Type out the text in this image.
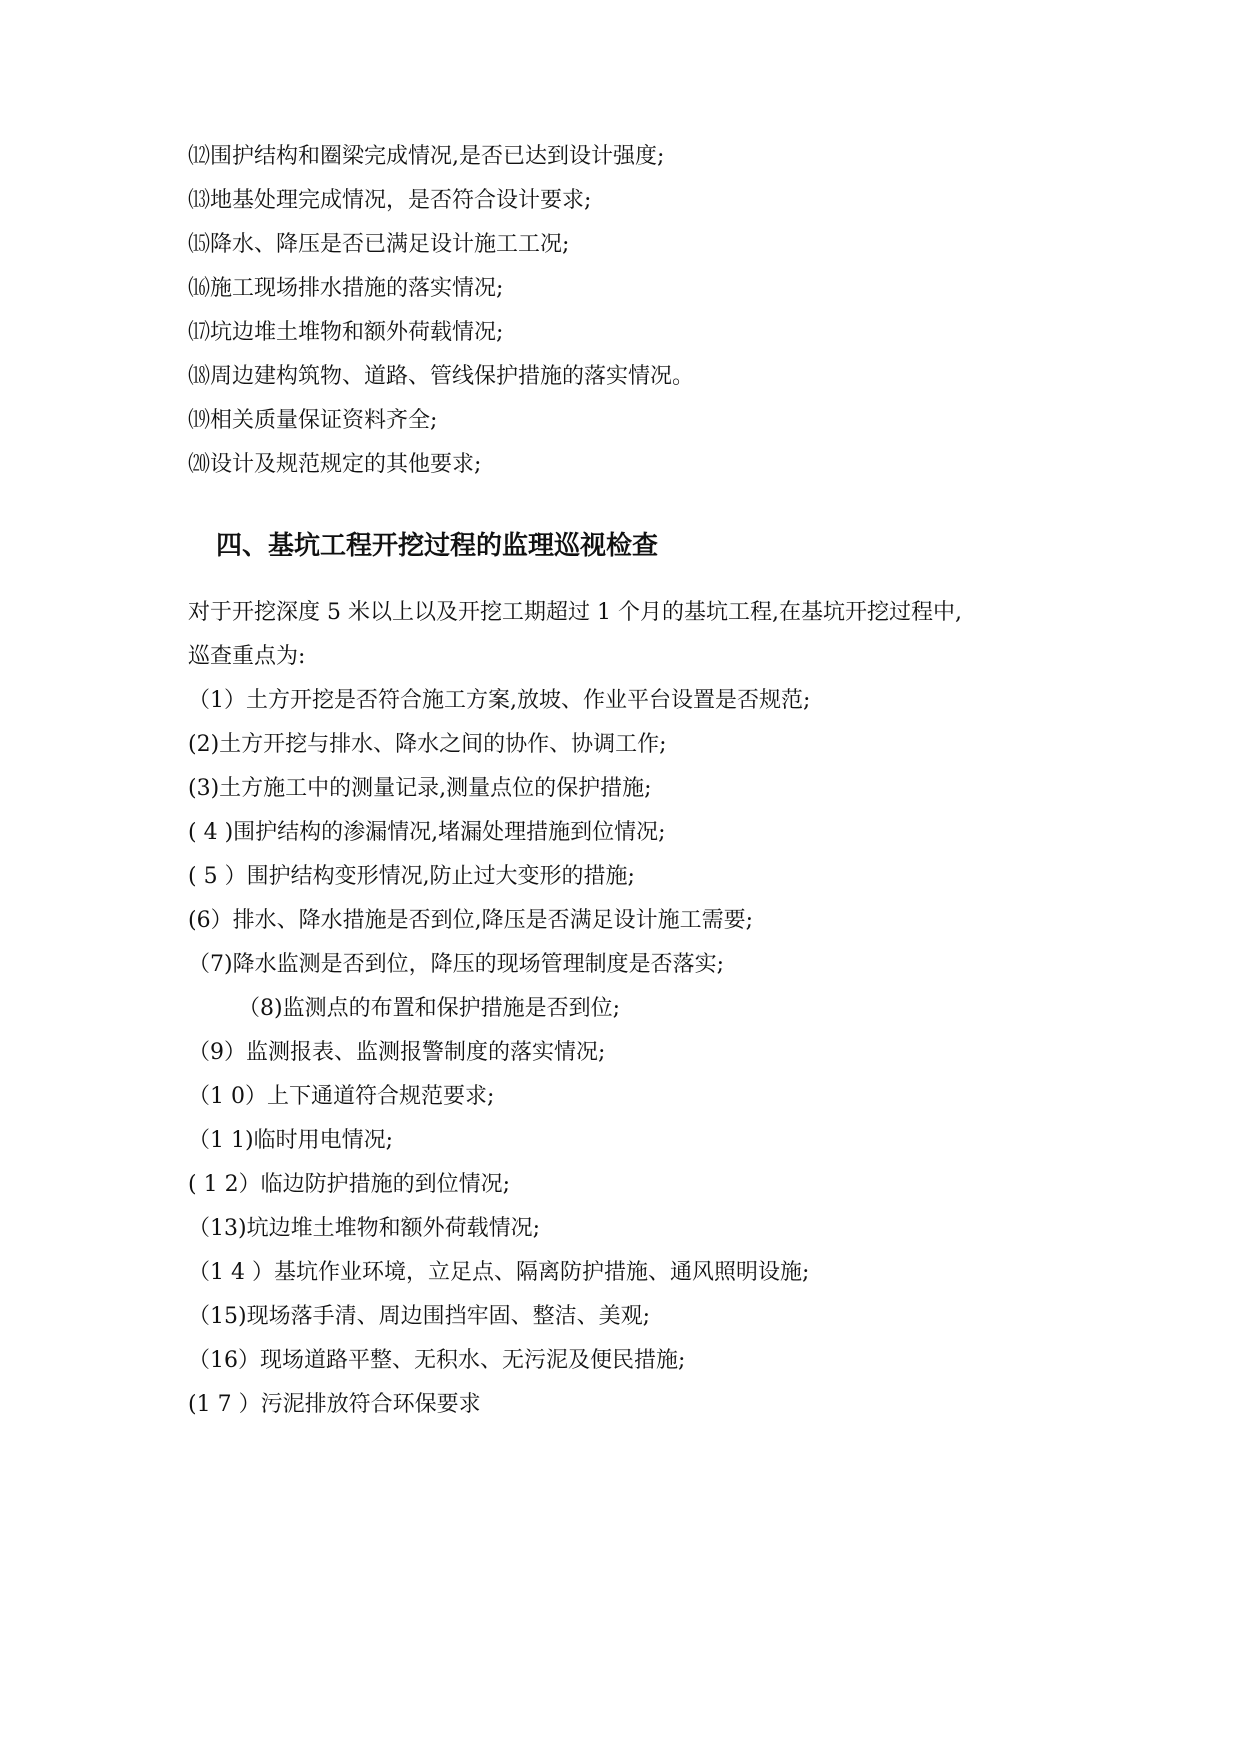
⑿围护结构和圈梁完成情况,是否已达到设计强度;
⒀地基处理完成情况，是否符合设计要求;
⒂降水、降压是否已满足设计施工工况;
⒃施工现场排水措施的落实情况;
⒄坑边堆土堆物和额外荷载情况;
⒅周边建构筑物、道路、管线保护措施的落实情况。
⒆相关质量保证资料齐全;
⒇设计及规范规定的其他要求;
四、基坑工程开挖过程的监理巡视检查
对于开挖深度 5 米以上以及开挖工期超过 1 个月的基坑工程,在基坑开挖过程中,
巡查重点为:
（1）土方开挖是否符合施工方案,放坡、作业平台设置是否规范;
(2)土方开挖与排水、降水之间的协作、协调工作;
(3)土方施工中的测量记录,测量点位的保护措施;
( 4 )围护结构的渗漏情况,堵漏处理措施到位情况;
( 5 ）围护结构变形情况,防止过大变形的措施;
(6）排水、降水措施是否到位,降压是否满足设计施工需要;
（7)降水监测是否到位，降压的现场管理制度是否落实;
（8)监测点的布置和保护措施是否到位;
（9）监测报表、监测报警制度的落实情况;
（1 0）上下通道符合规范要求;
（1 1)临时用电情况;
( 1 2）临边防护措施的到位情况;
（13)坑边堆土堆物和额外荷载情况;
（1 4 ）基坑作业环境，立足点、隔离防护措施、通风照明设施;
（15)现场落手清、周边围挡牢固、整洁、美观;
（16）现场道路平整、无积水、无污泥及便民措施;
(1 7 ）污泥排放符合环保要求
